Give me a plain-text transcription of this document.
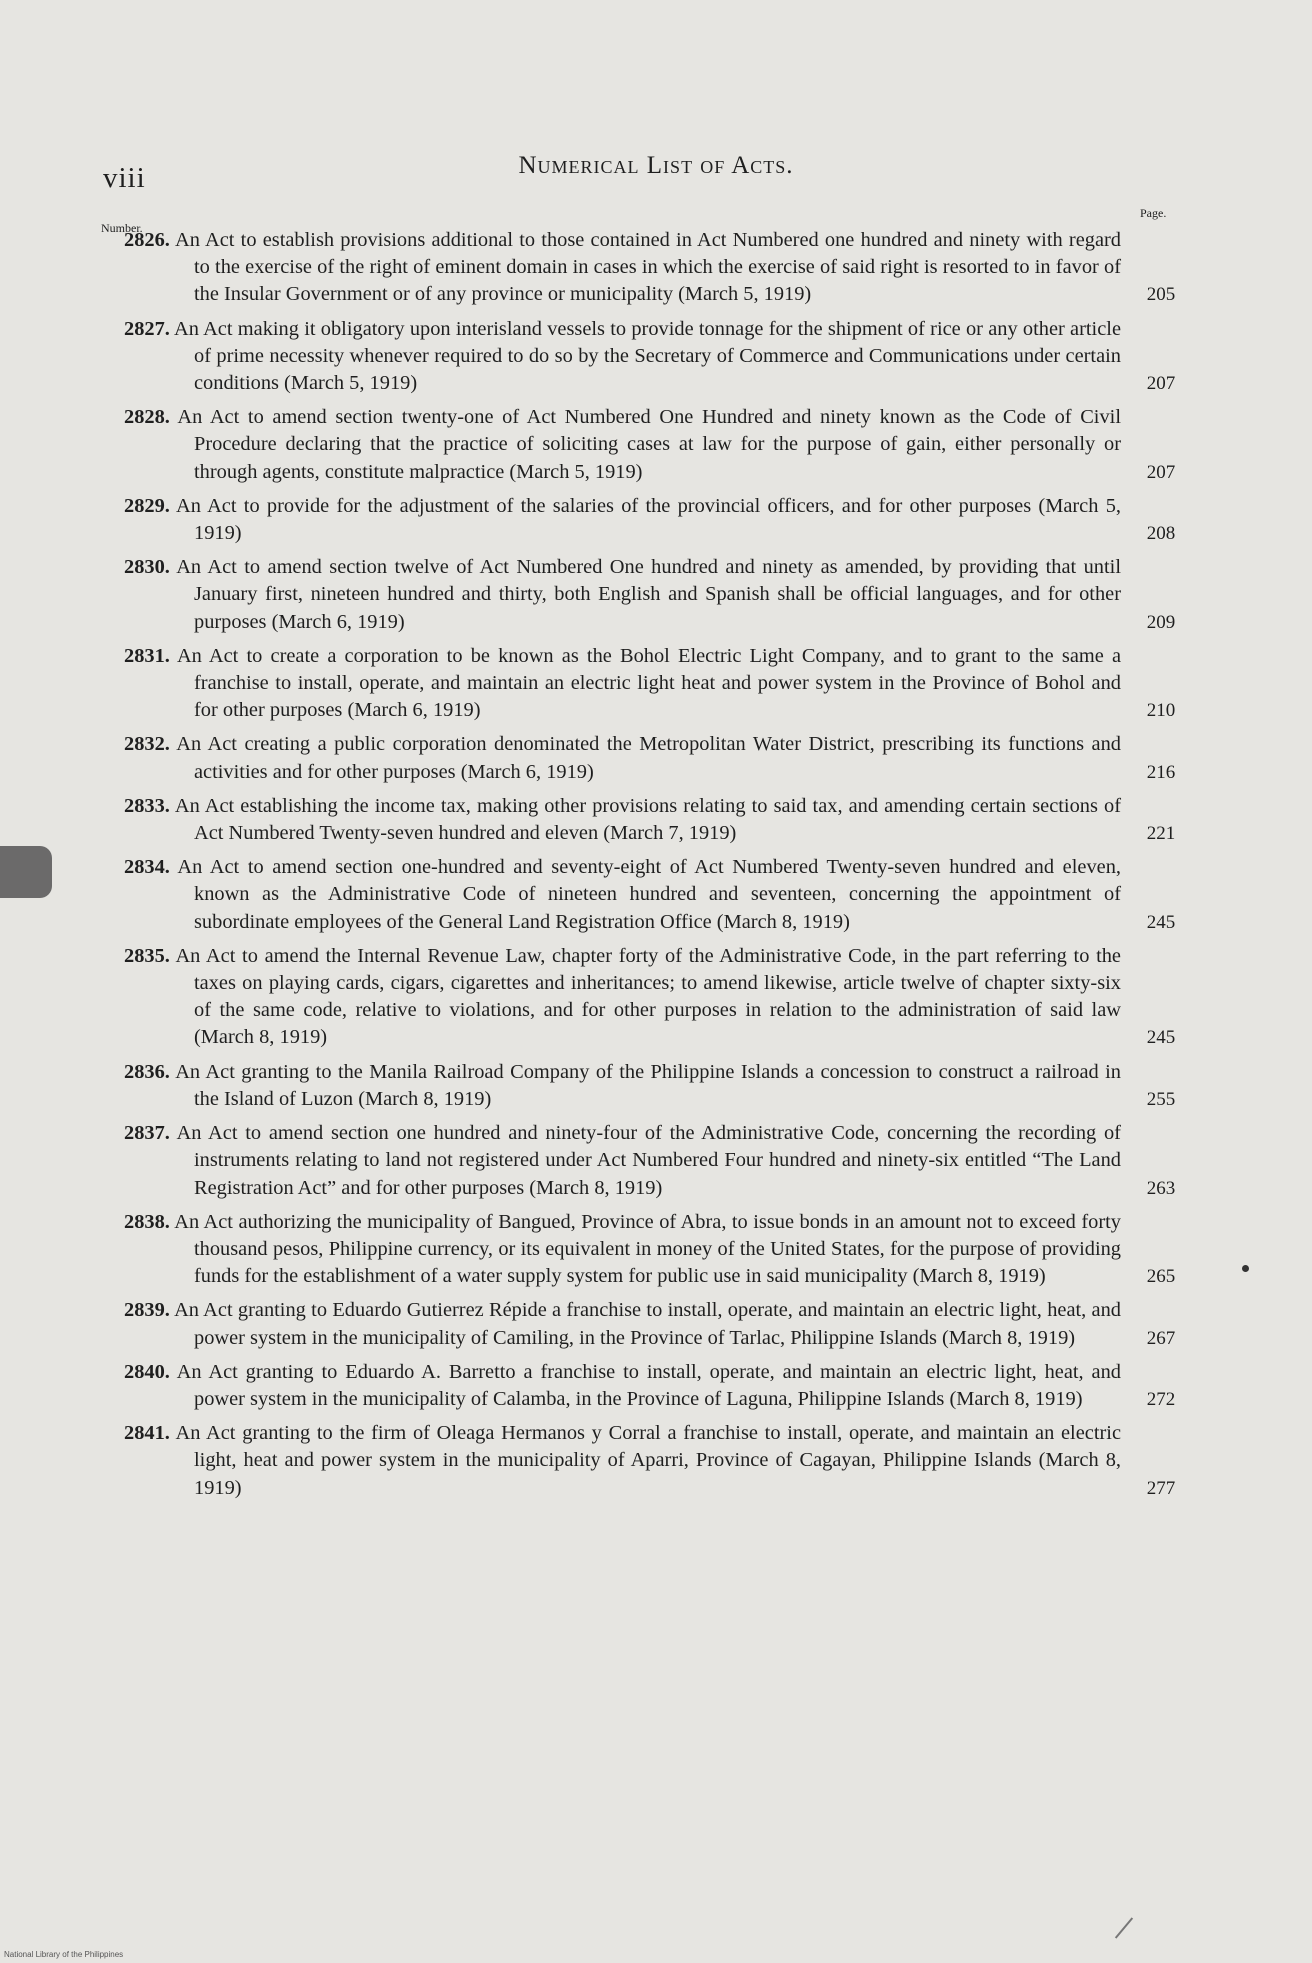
viii	Numerical List of Acts.
Number.
Page.
2826. An Act to establish provisions additional to those contained in Act Numbered one hundred and ninety with regard to the exercise of the right of eminent domain in cases in which the exercise of said right is resorted to in favor of the Insular Government or of any province or municipality (March 5, 1919)	205
2827. An Act making it obligatory upon interisland vessels to provide tonnage for the shipment of rice or any other article of prime necessity whenever required to do so by the Secretary of Commerce and Communications under certain conditions (March 5, 1919)	207
2828. An Act to amend section twenty-one of Act Numbered One Hundred and ninety known as the Code of Civil Procedure declaring that the practice of soliciting cases at law for the purpose of gain, either personally or through agents, constitute malpractice (March 5, 1919)	207
2829. An Act to provide for the adjustment of the salaries of the provincial officers, and for other purposes (March 5, 1919)	208
2830. An Act to amend section twelve of Act Numbered One hundred and ninety as amended, by providing that until January first, nineteen hundred and thirty, both English and Spanish shall be official languages, and for other purposes (March 6, 1919)	209
2831. An Act to create a corporation to be known as the Bohol Electric Light Company, and to grant to the same a franchise to install, operate, and maintain an electric light heat and power system in the Province of Bohol and for other purposes (March 6, 1919)	210
2832. An Act creating a public corporation denominated the Metropolitan Water District, prescribing its functions and activities and for other purposes (March 6, 1919)	216
2833. An Act establishing the income tax, making other provisions relating to said tax, and amending certain sections of Act Numbered Twenty-seven hundred and eleven (March 7, 1919)	221
2834. An Act to amend section one-hundred and seventy-eight of Act Numbered Twenty-seven hundred and eleven, known as the Administrative Code of nineteen hundred and seventeen, concerning the appointment of subordinate employees of the General Land Registration Office (March 8, 1919)	245
2835. An Act to amend the Internal Revenue Law, chapter forty of the Administrative Code, in the part referring to the taxes on playing cards, cigars, cigarettes and inheritances; to amend likewise, article twelve of chapter sixty-six of the same code, relative to violations, and for other purposes in relation to the administration of said law (March 8, 1919)	245
2836. An Act granting to the Manila Railroad Company of the Philippine Islands a concession to construct a railroad in the Island of Luzon (March 8, 1919)	255
2837. An Act to amend section one hundred and ninety-four of the Administrative Code, concerning the recording of instruments relating to land not registered under Act Numbered Four hundred and ninety-six entitled “The Land Registration Act” and for other purposes (March 8, 1919)	263
2838. An Act authorizing the municipality of Bangued, Province of Abra, to issue bonds in an amount not to exceed forty thousand pesos, Philippine currency, or its equivalent in money of the United States, for the purpose of providing funds for the establishment of a water supply system for public use in said municipality (March 8, 1919)	265
2839. An Act granting to Eduardo Gutierrez Répide a franchise to install, operate, and maintain an electric light, heat, and power system in the municipality of Camiling, in the Province of Tarlac, Philippine Islands (March 8, 1919)	267
2840. An Act granting to Eduardo A. Barretto a franchise to install, operate, and maintain an electric light, heat, and power system in the municipality of Calamba, in the Province of Laguna, Philippine Islands (March 8, 1919)	272
2841. An Act granting to the firm of Oleaga Hermanos y Corral a franchise to install, operate, and maintain an electric light, heat and power system in the municipality of Aparri, Province of Cagayan, Philippine Islands (March 8, 1919)	277
National Library of the Philippines
